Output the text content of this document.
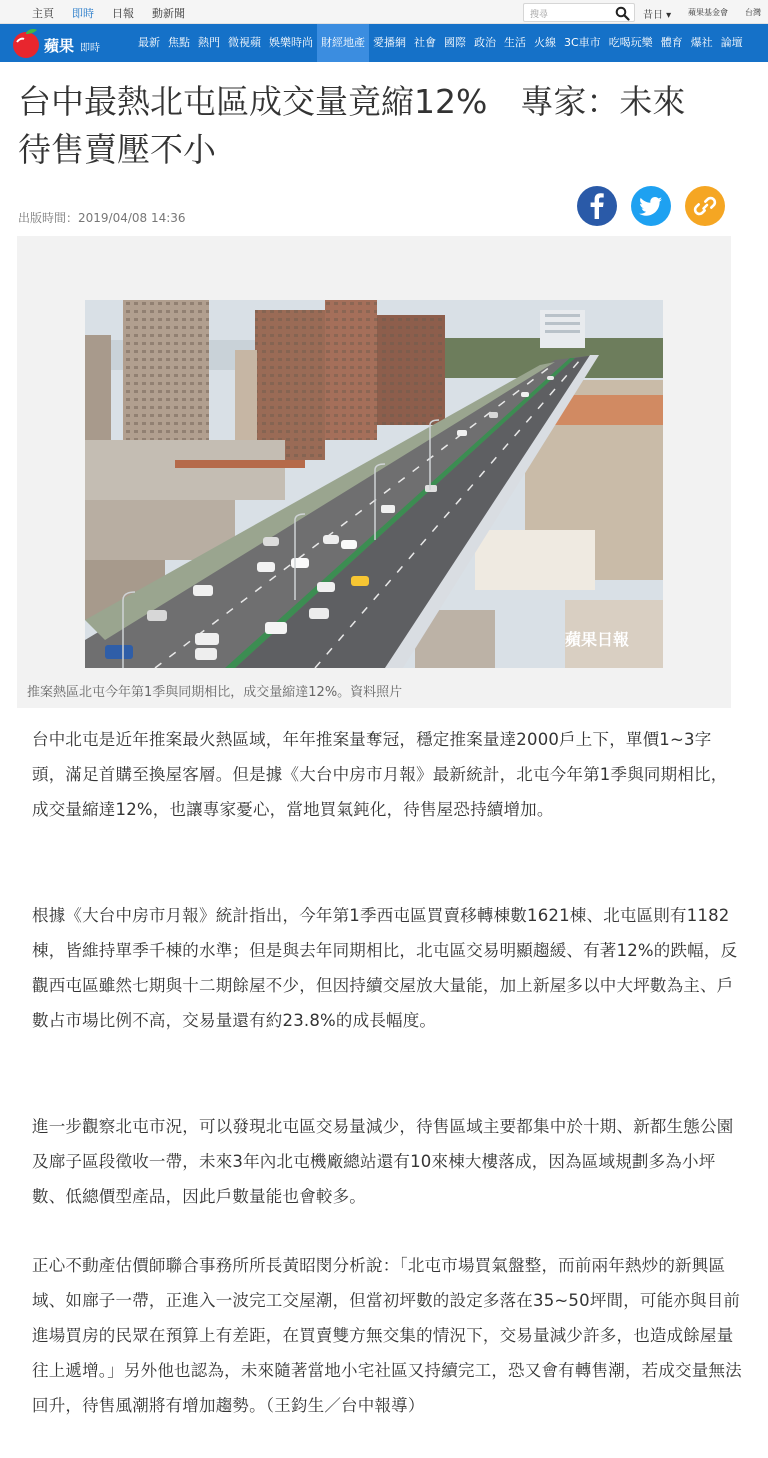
主頁 即時 日報 動新聞	搜尋	昔日 ▾ 蘋果基金會 台灣
蘋果 即時	最新 焦點 熱門 微視蘋 娛樂時尚 財經地產 愛播網 社會 國際 政治 生活 火線 3C車市 吃喝玩樂 體育 爆社 論壇
台中最熱北屯區成交量竟縮12%　專家：未來待售賣壓不小
出版時間：2019/04/08 14:36
蘋果日報
推案熱區北屯今年第1季與同期相比，成交量縮達12%。資料照片

台中北屯是近年推案最火熱區域，年年推案量奪冠，穩定推案量達2000戶上下，單價1~3字頭，滿足首購至換屋客層。但是據《大台中房市月報》最新統計，北屯今年第1季與同期相比，成交量縮達12%，也讓專家憂心，當地買氣鈍化，待售屋恐持續增加。

根據《大台中房市月報》統計指出，今年第1季西屯區買賣移轉棟數1621棟、北屯區則有1182棟，皆維持單季千棟的水準；但是與去年同期相比，北屯區交易明顯趨緩、有著12%的跌幅，反觀西屯區雖然七期與十二期餘屋不少，但因持續交屋放大量能，加上新屋多以中大坪數為主、戶數占市場比例不高，交易量還有約23.8%的成長幅度。

進一步觀察北屯市況，可以發現北屯區交易量減少，待售區域主要都集中於十期、新都生態公園及廍子區段徵收一帶，未來3年內北屯機廠總站還有10來棟大樓落成，因為區域規劃多為小坪數、低總價型產品，因此戶數量能也會較多。

正心不動產估價師聯合事務所所長黃昭閔分析說：「北屯市場買氣盤整，而前兩年熱炒的新興區域、如廍子一帶，正進入一波完工交屋潮，但當初坪數的設定多落在35~50坪間，可能亦與目前進場買房的民眾在預算上有差距，在買賣雙方無交集的情況下，交易量減少許多，也造成餘屋量往上遞增。」另外他也認為，未來隨著當地小宅社區又持續完工，恐又會有轉售潮，若成交量無法回升，待售風潮將有增加趨勢。（王鈞生／台中報導）
